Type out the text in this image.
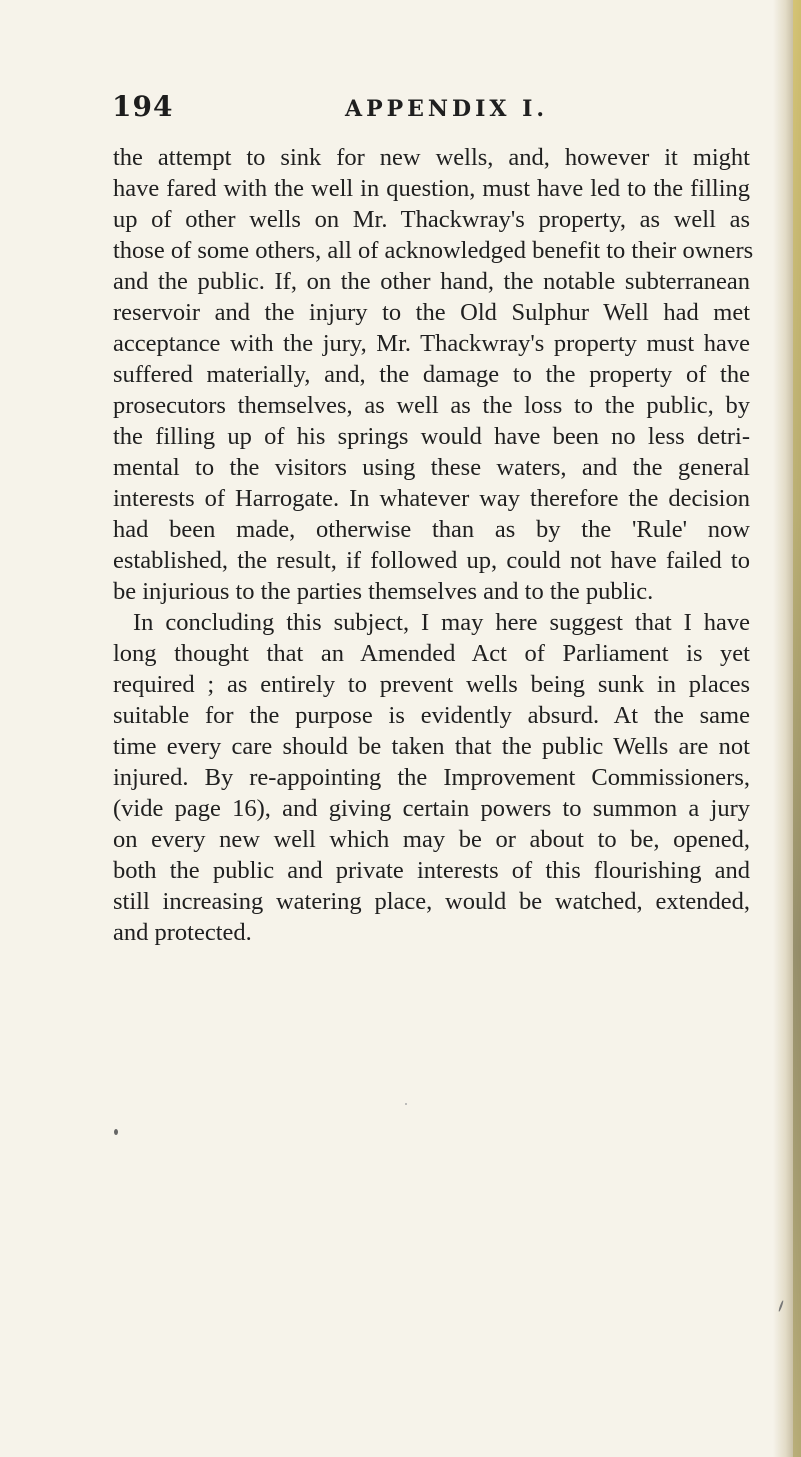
194	APPENDIX I.
the attempt to sink for new wells, and, however it might
have fared with the well in question, must have led to the filling
up of other wells on Mr. Thackwray's property, as well as
those of some others, all of acknowledged benefit to their owners
and the public. If, on the other hand, the notable subterranean
reservoir and the injury to the Old Sulphur Well had met
acceptance with the jury, Mr. Thackwray's property must have
suffered materially, and, the damage to the property of the
prosecutors themselves, as well as the loss to the public, by
the filling up of his springs would have been no less detri-
mental to the visitors using these waters, and the general
interests of Harrogate. In whatever way therefore the decision
had been made, otherwise than as by the 'Rule' now
established, the result, if followed up, could not have failed to
be injurious to the parties themselves and to the public.
In concluding this subject, I may here suggest that I have
long thought that an Amended Act of Parliament is yet
required ; as entirely to prevent wells being sunk in places
suitable for the purpose is evidently absurd. At the same
time every care should be taken that the public Wells are not
injured. By re-appointing the Improvement Commissioners,
(vide page 16), and giving certain powers to summon a jury
on every new well which may be or about to be, opened,
both the public and private interests of this flourishing and
still increasing watering place, would be watched, extended,
and protected.
